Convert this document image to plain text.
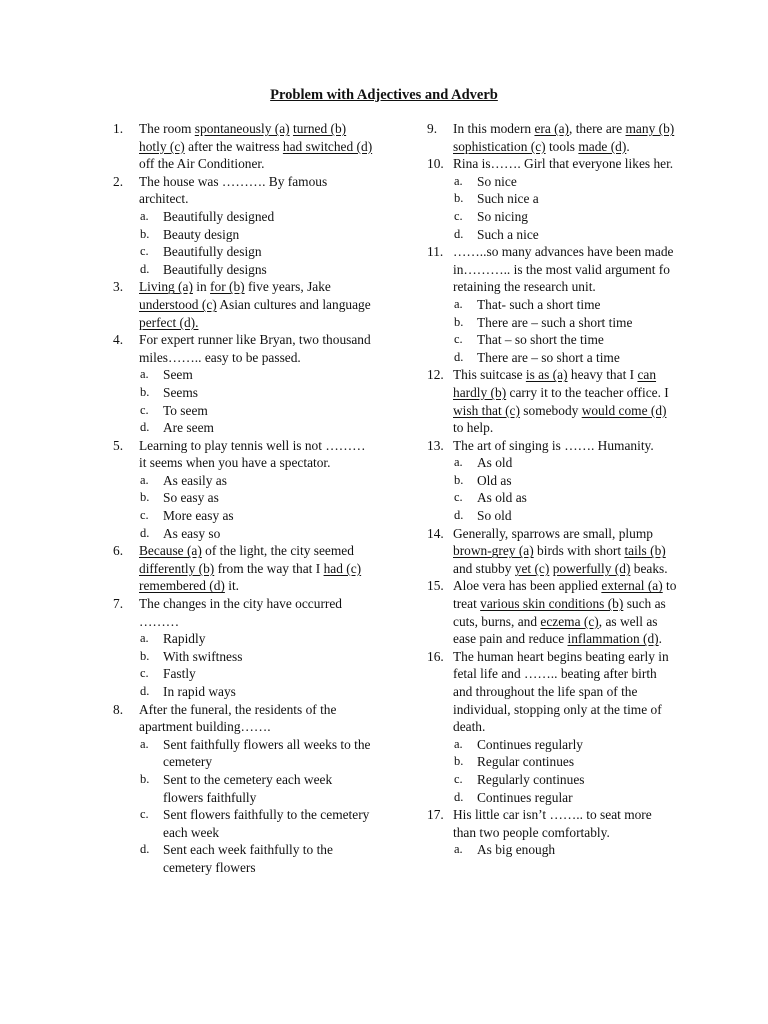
Problem with Adjectives and Adverb
1. The room spontaneously (a) turned (b) hotly (c) after the waitress had switched (d) off the Air Conditioner.
2. The house was ………. By famous architect.
a. Beautifully designed
b. Beauty design
c. Beautifully design
d. Beautifully designs
3. Living (a) in for (b) five years, Jake understood (c) Asian cultures and language perfect (d).
4. For expert runner like Bryan, two thousand miles…….. easy to be passed.
a. Seem
b. Seems
c. To seem
d. Are seem
5. Learning to play tennis well is not ……… it seems when you have a spectator.
a. As easily as
b. So easy as
c. More easy as
d. As easy so
6. Because (a) of the light, the city seemed differently (b) from the way that I had (c) remembered (d) it.
7. The changes in the city have occurred ………
a. Rapidly
b. With swiftness
c. Fastly
d. In rapid ways
8. After the funeral, the residents of the apartment building…….
a. Sent faithfully flowers all weeks to the cemetery
b. Sent to the cemetery each week flowers faithfully
c. Sent flowers faithfully to the cemetery each week
d. Sent each week faithfully to the cemetery flowers
9. In this modern era (a), there are many (b) sophistication (c) tools made (d).
10. Rina is……. Girl that everyone likes her.
a. So nice
b. Such nice a
c. So nicing
d. Such a nice
11. ……..so many advances have been made in……….. is the most valid argument fo retaining the research unit.
a. That- such a short time
b. There are – such a short time
c. That – so short the time
d. There are – so short a time
12. This suitcase is as (a) heavy that I can hardly (b) carry it to the teacher office. I wish that (c) somebody would come (d) to help.
13. The art of singing is ……. Humanity.
a. As old
b. Old as
c. As old as
d. So old
14. Generally, sparrows are small, plump brown-grey (a) birds with short tails (b) and stubby yet (c) powerfully (d) beaks.
15. Aloe vera has been applied external (a) to treat various skin conditions (b) such as cuts, burns, and eczema (c), as well as ease pain and reduce inflammation (d).
16. The human heart begins beating early in fetal life and …….. beating after birth and throughout the life span of the individual, stopping only at the time of death.
a. Continues regularly
b. Regular continues
c. Regularly continues
d. Continues regular
17. His little car isn’t …….. to seat more than two people comfortably.
a. As big enough
